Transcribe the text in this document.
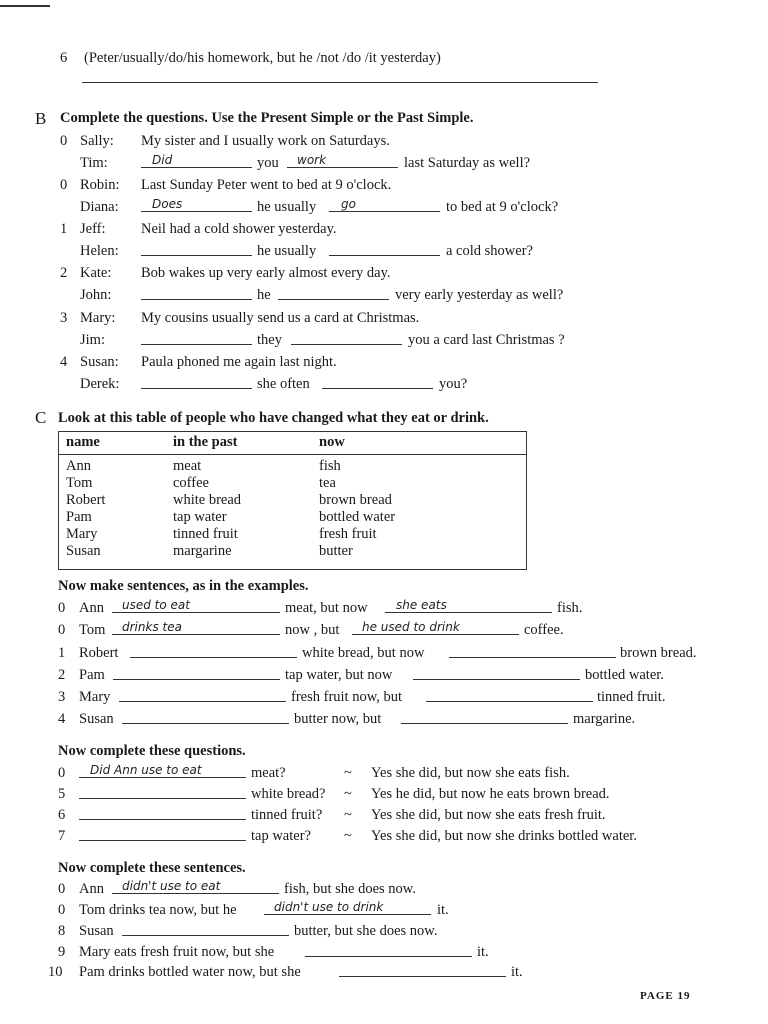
6 (Peter/usually/do/his homework, but he /not /do /it yesterday)
B Complete the questions. Use the Present Simple or the Past Simple.
0 Sally: My sister and I usually work on Saturdays.
Tim:	Did	you work	last Saturday as well?
0 Robin: Last Sunday Peter went to bed at 9 o'clock.
Diana:	Does	he usually go	to bed at 9 o'clock?
1 Jeff: Neil had a cold shower yesterday.
Helen:	he usually	a cold shower?
2 Kate: Bob wakes up very early almost every day.
John:	he	very early yesterday as well?
3 Mary: My cousins usually send us a card at Christmas.
Jim:	they	you a card last Christmas ?
4 Susan: Paula phoned me again last night.
Derek:	she often	you?
C Look at this table of people who have changed what they eat or drink.
name	in the past	now
Ann	meat	fish
Tom	coffee	tea
Robert	white bread	brown bread
Pam	tap water	bottled water
Mary	tinned fruit	fresh fruit
Susan	margarine	butter
Now make sentences, as in the examples.
0 Ann used to eat	meat, but now she eats	fish.
0 Tom drinks tea	now , but he used to drink	coffee.
1 Robert	white bread, but now	brown bread.
2 Pam	tap water, but now	bottled water.
3 Mary	fresh fruit now, but	tinned fruit.
4 Susan	butter now, but	margarine.
Now complete these questions.
0 Did Ann use to eat	meat?	~ Yes she did, but now she eats fish.
5	white bread? ~ Yes he did, but now he eats brown bread.
6	tinned fruit? ~ Yes she did, but now she eats fresh fruit.
7	tap water? ~ Yes she did, but now she drinks bottled water.
Now complete these sentences.
0 Ann didn't use to eat	fish, but she does now.
0 Tom drinks tea now, but he	didn't use to drink	it.
8 Susan	butter, but she does now.
9 Mary eats fresh fruit now, but she	it.
10 Pam drinks bottled water now, but she	it.
PAGE 19
